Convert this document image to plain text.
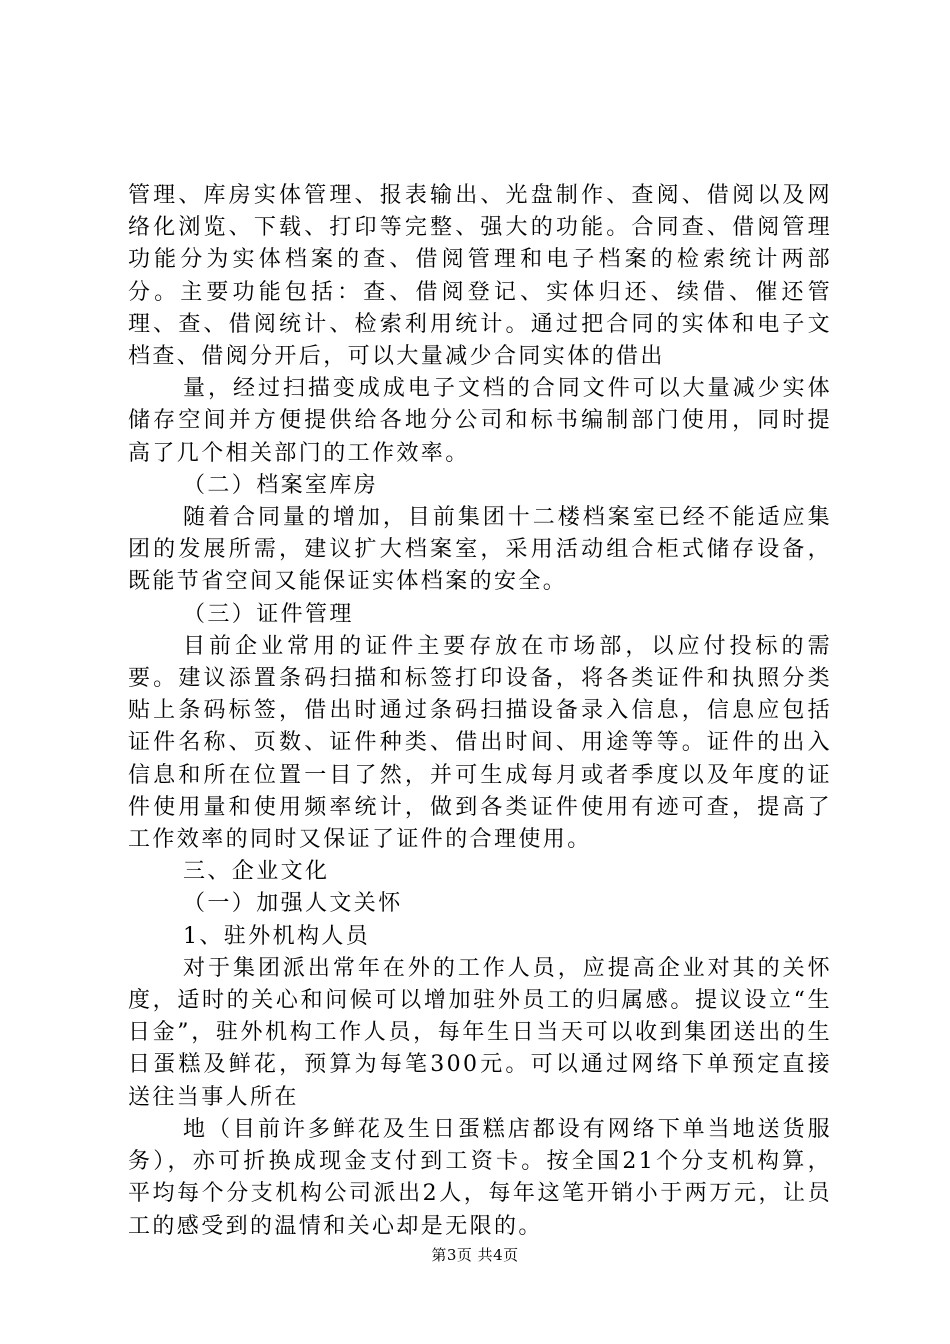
管理、库房实体管理、报表输出、光盘制作、查阅、借阅以及网络化浏览、下载、打印等完整、强大的功能。合同查、借阅管理功能分为实体档案的查、借阅管理和电子档案的检索统计两部分。主要功能包括：查、借阅登记、实体归还、续借、催还管理、查、借阅统计、检索利用统计。通过把合同的实体和电子文档查、借阅分开后，可以大量减少合同实体的借出

量，经过扫描变成成电子文档的合同文件可以大量减少实体储存空间并方便提供给各地分公司和标书编制部门使用，同时提高了几个相关部门的工作效率。

（二）档案室库房

随着合同量的增加，目前集团十二楼档案室已经不能适应集团的发展所需，建议扩大档案室，采用活动组合柜式储存设备，既能节省空间又能保证实体档案的安全。

（三）证件管理

目前企业常用的证件主要存放在市场部，以应付投标的需要。建议添置条码扫描和标签打印设备，将各类证件和执照分类贴上条码标签，借出时通过条码扫描设备录入信息，信息应包括证件名称、页数、证件种类、借出时间、用途等等。证件的出入信息和所在位置一目了然，并可生成每月或者季度以及年度的证件使用量和使用频率统计，做到各类证件使用有迹可查，提高了工作效率的同时又保证了证件的合理使用。

三、企业文化

（一）加强人文关怀

1、驻外机构人员

对于集团派出常年在外的工作人员，应提高企业对其的关怀度，适时的关心和问候可以增加驻外员工的归属感。提议设立“生日金”，驻外机构工作人员，每年生日当天可以收到集团送出的生日蛋糕及鲜花，预算为每笔300元。可以通过网络下单预定直接送往当事人所在

地（目前许多鲜花及生日蛋糕店都设有网络下单当地送货服务），亦可折换成现金支付到工资卡。按全国21个分支机构算，平均每个分支机构公司派出2人，每年这笔开销小于两万元，让员工的感受到的温情和关心却是无限的。

第3页 共4页
